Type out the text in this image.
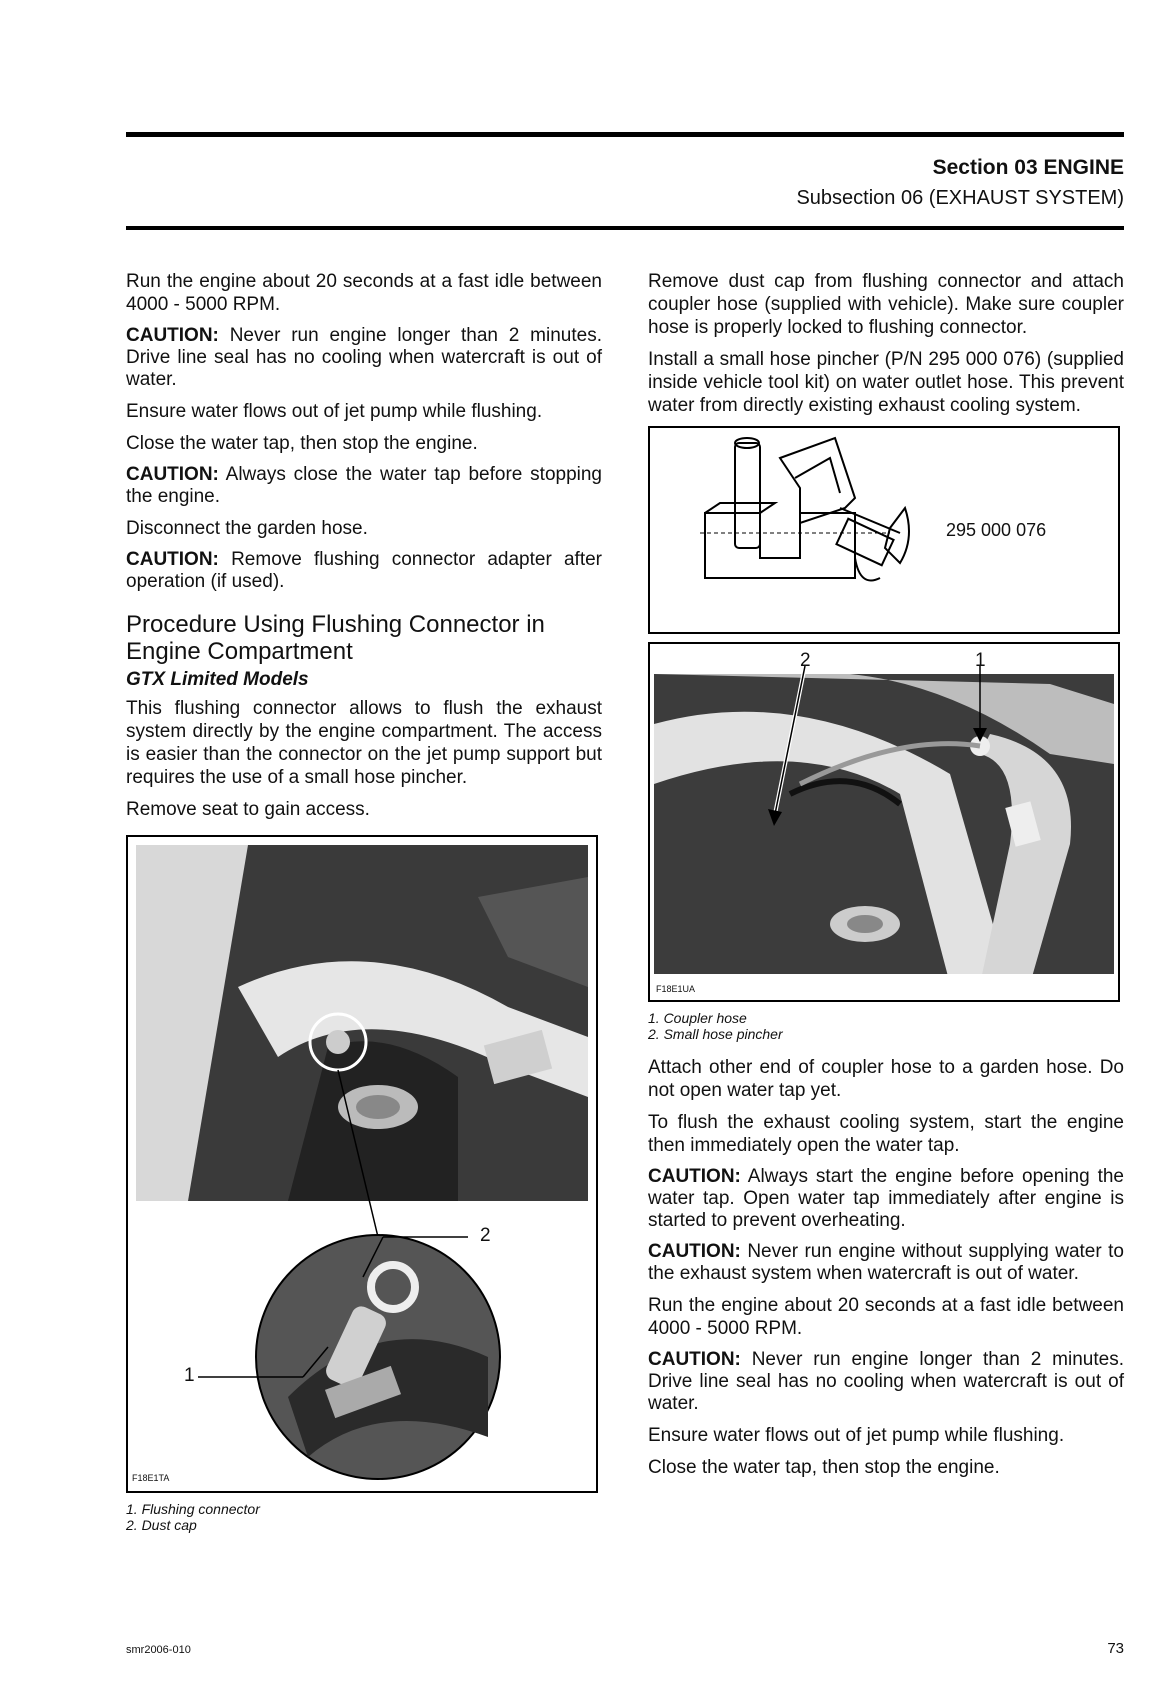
Section 03 ENGINE
Subsection 06 (EXHAUST SYSTEM)

Run the engine about 20 seconds at a fast idle between 4000 - 5000 RPM.

CAUTION: Never run engine longer than 2 minutes. Drive line seal has no cooling when watercraft is out of water.

Ensure water flows out of jet pump while flushing.

Close the water tap, then stop the engine.

CAUTION: Always close the water tap before stopping the engine.

Disconnect the garden hose.

CAUTION: Remove flushing connector adapter after operation (if used).

Procedure Using Flushing Connector in Engine Compartment
GTX Limited Models

This flushing connector allows to flush the exhaust system directly by the engine compartment. The access is easier than the connector on the jet pump support but requires the use of a small hose pincher.

Remove seat to gain access.

2
1
F18E1TA
1. Flushing connector
2. Dust cap

Remove dust cap from flushing connector and attach coupler hose (supplied with vehicle). Make sure coupler hose is properly locked to flushing connector.

Install a small hose pincher (P/N 295 000 076) (supplied inside vehicle tool kit) on water outlet hose. This prevent water from directly existing exhaust cooling system.

295 000 076
2	1
F18E1UA
1. Coupler hose
2. Small hose pincher

Attach other end of coupler hose to a garden hose. Do not open water tap yet.

To flush the exhaust cooling system, start the engine then immediately open the water tap.

CAUTION: Always start the engine before opening the water tap. Open water tap immediately after engine is started to prevent overheating.

CAUTION: Never run engine without supplying water to the exhaust system when watercraft is out of water.

Run the engine about 20 seconds at a fast idle between 4000 - 5000 RPM.

CAUTION: Never run engine longer than 2 minutes. Drive line seal has no cooling when watercraft is out of water.

Ensure water flows out of jet pump while flushing.

Close the water tap, then stop the engine.

smr2006-010	73
